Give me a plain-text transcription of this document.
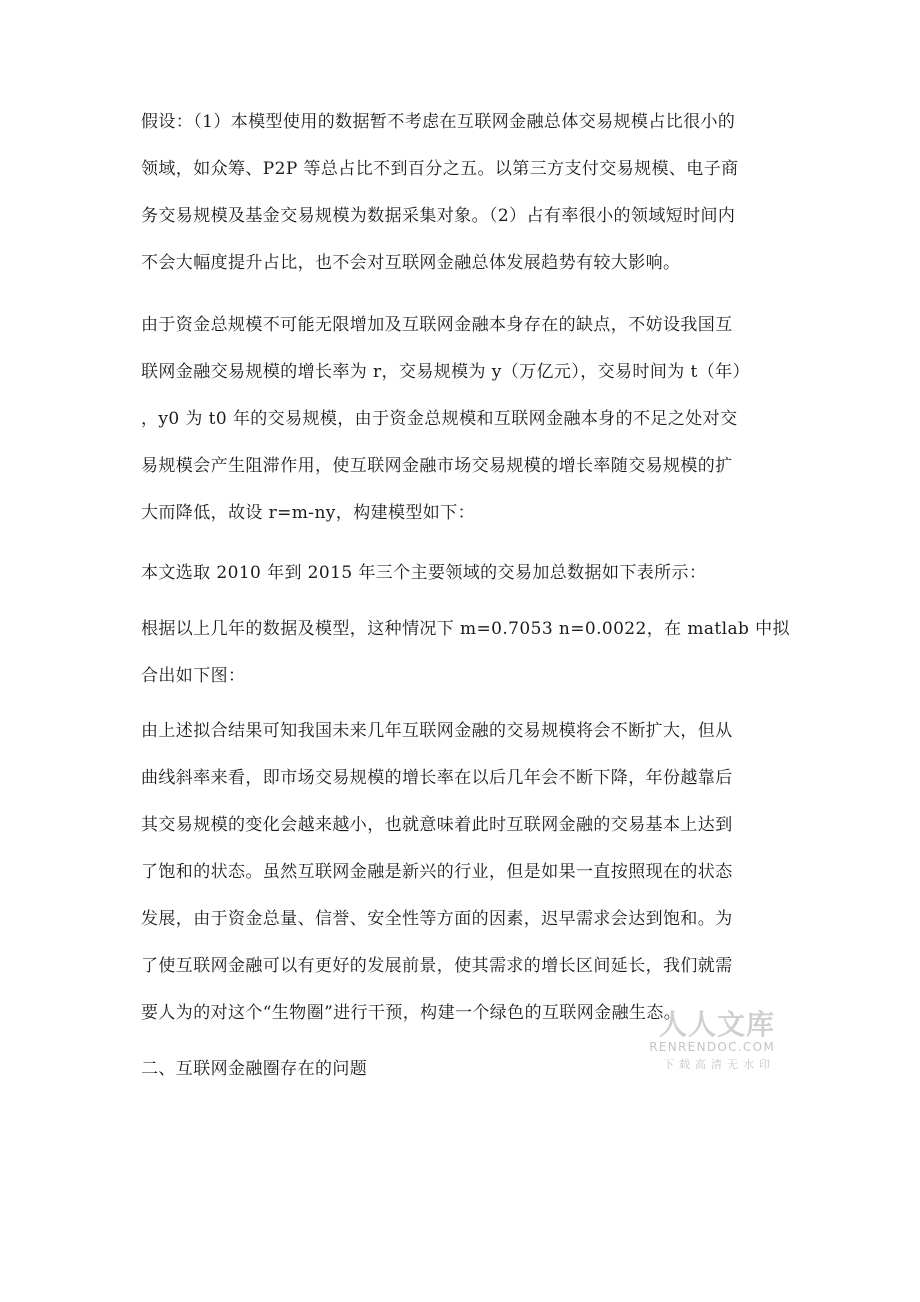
假设：（1）本模型使用的数据暂不考虑在互联网金融总体交易规模占比很小的
领域，如众筹、P2P 等总占比不到百分之五。以第三方支付交易规模、电子商
务交易规模及基金交易规模为数据采集对象。（2）占有率很小的领域短时间内
不会大幅度提升占比，也不会对互联网金融总体发展趋势有较大影响。
由于资金总规模不可能无限增加及互联网金融本身存在的缺点，不妨设我国互
联网金融交易规模的增长率为 r，交易规模为 y（万亿元），交易时间为 t（年）
，y0 为 t0 年的交易规模，由于资金总规模和互联网金融本身的不足之处对交
易规模会产生阻滞作用，使互联网金融市场交易规模的增长率随交易规模的扩
大而降低，故设 r=m-ny，构建模型如下：
本文选取 2010 年到 2015 年三个主要领域的交易加总数据如下表所示：
根据以上几年的数据及模型，这种情况下 m=0.7053 n=0.0022，在 matlab 中拟
合出如下图：
由上述拟合结果可知我国未来几年互联网金融的交易规模将会不断扩大，但从
曲线斜率来看，即市场交易规模的增长率在以后几年会不断下降，年份越靠后
其交易规模的变化会越来越小，也就意味着此时互联网金融的交易基本上达到
了饱和的状态。虽然互联网金融是新兴的行业，但是如果一直按照现在的状态
发展，由于资金总量、信誉、安全性等方面的因素，迟早需求会达到饱和。为
了使互联网金融可以有更好的发展前景，使其需求的增长区间延长，我们就需
要人为的对这个“生物圈”进行干预，构建一个绿色的互联网金融生态。
二、互联网金融圈存在的问题
人人文库
RENRENDOC.COM
下载高清无水印
